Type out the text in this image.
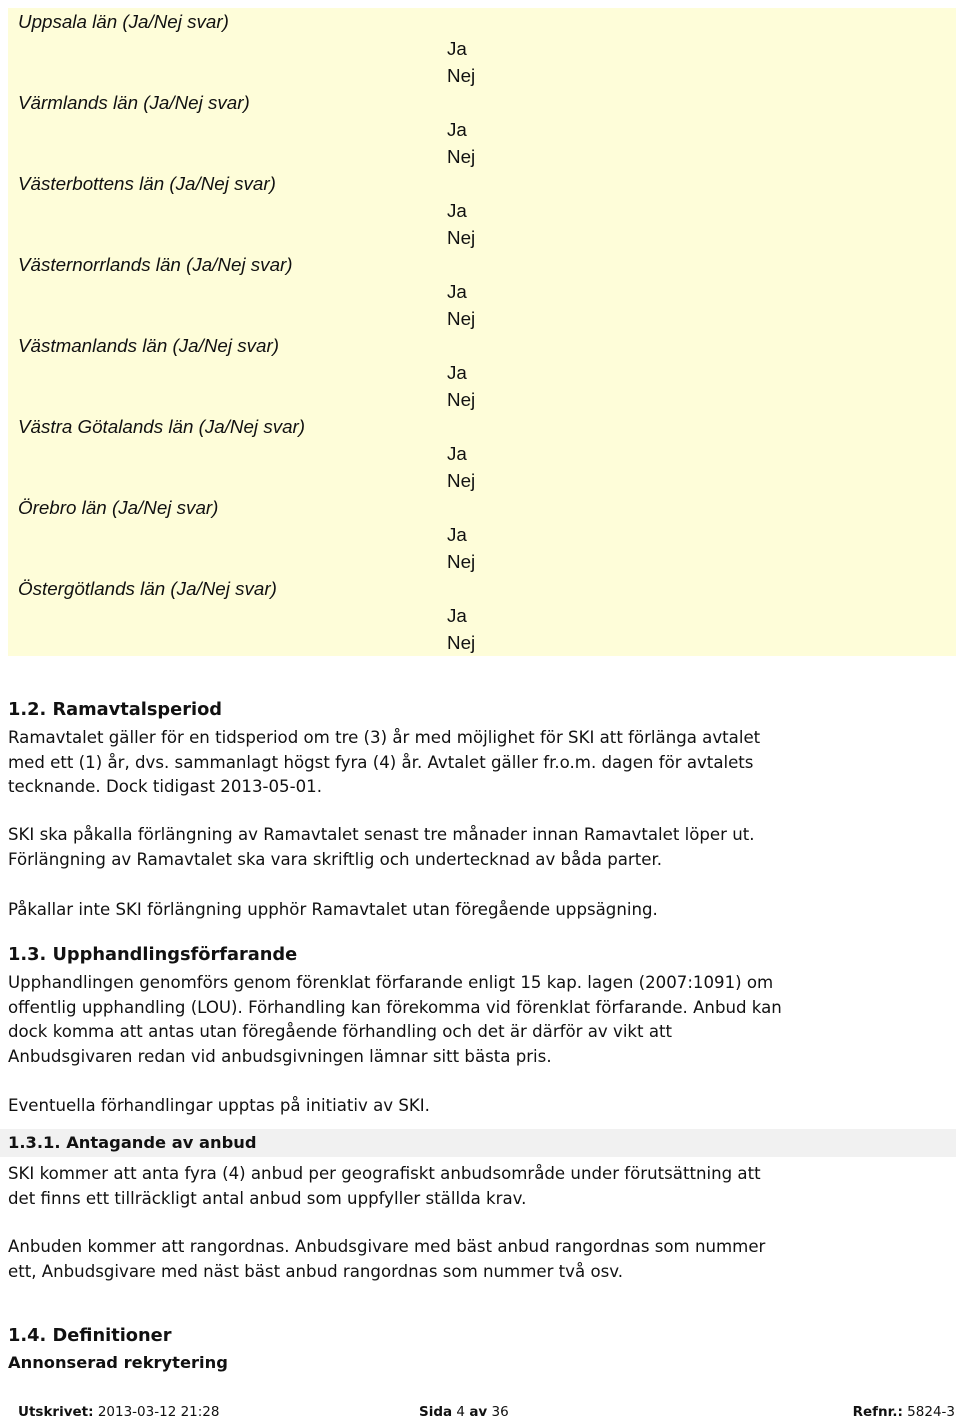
Uppsala län (Ja/Nej svar)
Ja
Nej
Värmlands län (Ja/Nej svar)
Ja
Nej
Västerbottens län (Ja/Nej svar)
Ja
Nej
Västernorrlands län (Ja/Nej svar)
Ja
Nej
Västmanlands län (Ja/Nej svar)
Ja
Nej
Västra Götalands län (Ja/Nej svar)
Ja
Nej
Örebro län (Ja/Nej svar)
Ja
Nej
Östergötlands län (Ja/Nej svar)
Ja
Nej
1.2. Ramavtalsperiod
Ramavtalet gäller för en tidsperiod om tre (3) år med möjlighet för SKI att förlänga avtalet
med ett (1) år, dvs. sammanlagt högst fyra (4) år. Avtalet gäller fr.o.m. dagen för avtalets
tecknande. Dock tidigast 2013-05-01.
SKI ska påkalla förlängning av Ramavtalet senast tre månader innan Ramavtalet löper ut.
Förlängning av Ramavtalet ska vara skriftlig och undertecknad av båda parter.
Påkallar inte SKI förlängning upphör Ramavtalet utan föregående uppsägning.
1.3. Upphandlingsförfarande
Upphandlingen genomförs genom förenklat förfarande enligt 15 kap. lagen (2007:1091) om
offentlig upphandling (LOU). Förhandling kan förekomma vid förenklat förfarande. Anbud kan
dock komma att antas utan föregående förhandling och det är därför av vikt att
Anbudsgivaren redan vid anbudsgivningen lämnar sitt bästa pris.
Eventuella förhandlingar upptas på initiativ av SKI.
1.3.1. Antagande av anbud
SKI kommer att anta fyra (4) anbud per geografiskt anbudsområde under förutsättning att
det finns ett tillräckligt antal anbud som uppfyller ställda krav.
Anbuden kommer att rangordnas. Anbudsgivare med bäst anbud rangordnas som nummer
ett, Anbudsgivare med näst bäst anbud rangordnas som nummer två osv.
1.4. Definitioner
Annonserad rekrytering
Utskrivet: 2013-03-12 21:28	Sida 4 av 36	Refnr.: 5824-3
